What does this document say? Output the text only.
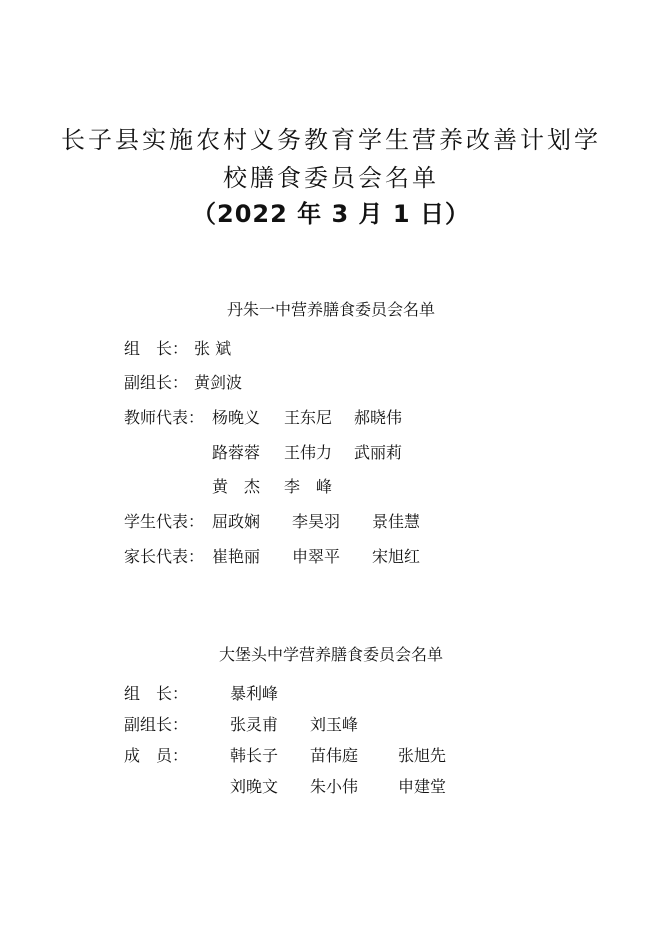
长子县实施农村义务教育学生营养改善计划学
校膳食委员会名单
（2022 年 3 月 1 日）
丹朱一中营养膳食委员会名单
组　长： 张 斌
副组长： 黄剑波
教师代表： 杨晚义 王东尼 郝晓伟
路蓉蓉 王伟力 武丽莉
黄　杰 李　峰
学生代表： 屈政娴 李昊羽 景佳慧
家长代表： 崔艳丽 申翠平 宋旭红
大堡头中学营养膳食委员会名单
组　长：	暴利峰
副组长：	张灵甫 刘玉峰
成　员：	韩长子 苗伟庭 张旭先
刘晚文 朱小伟 申建堂
